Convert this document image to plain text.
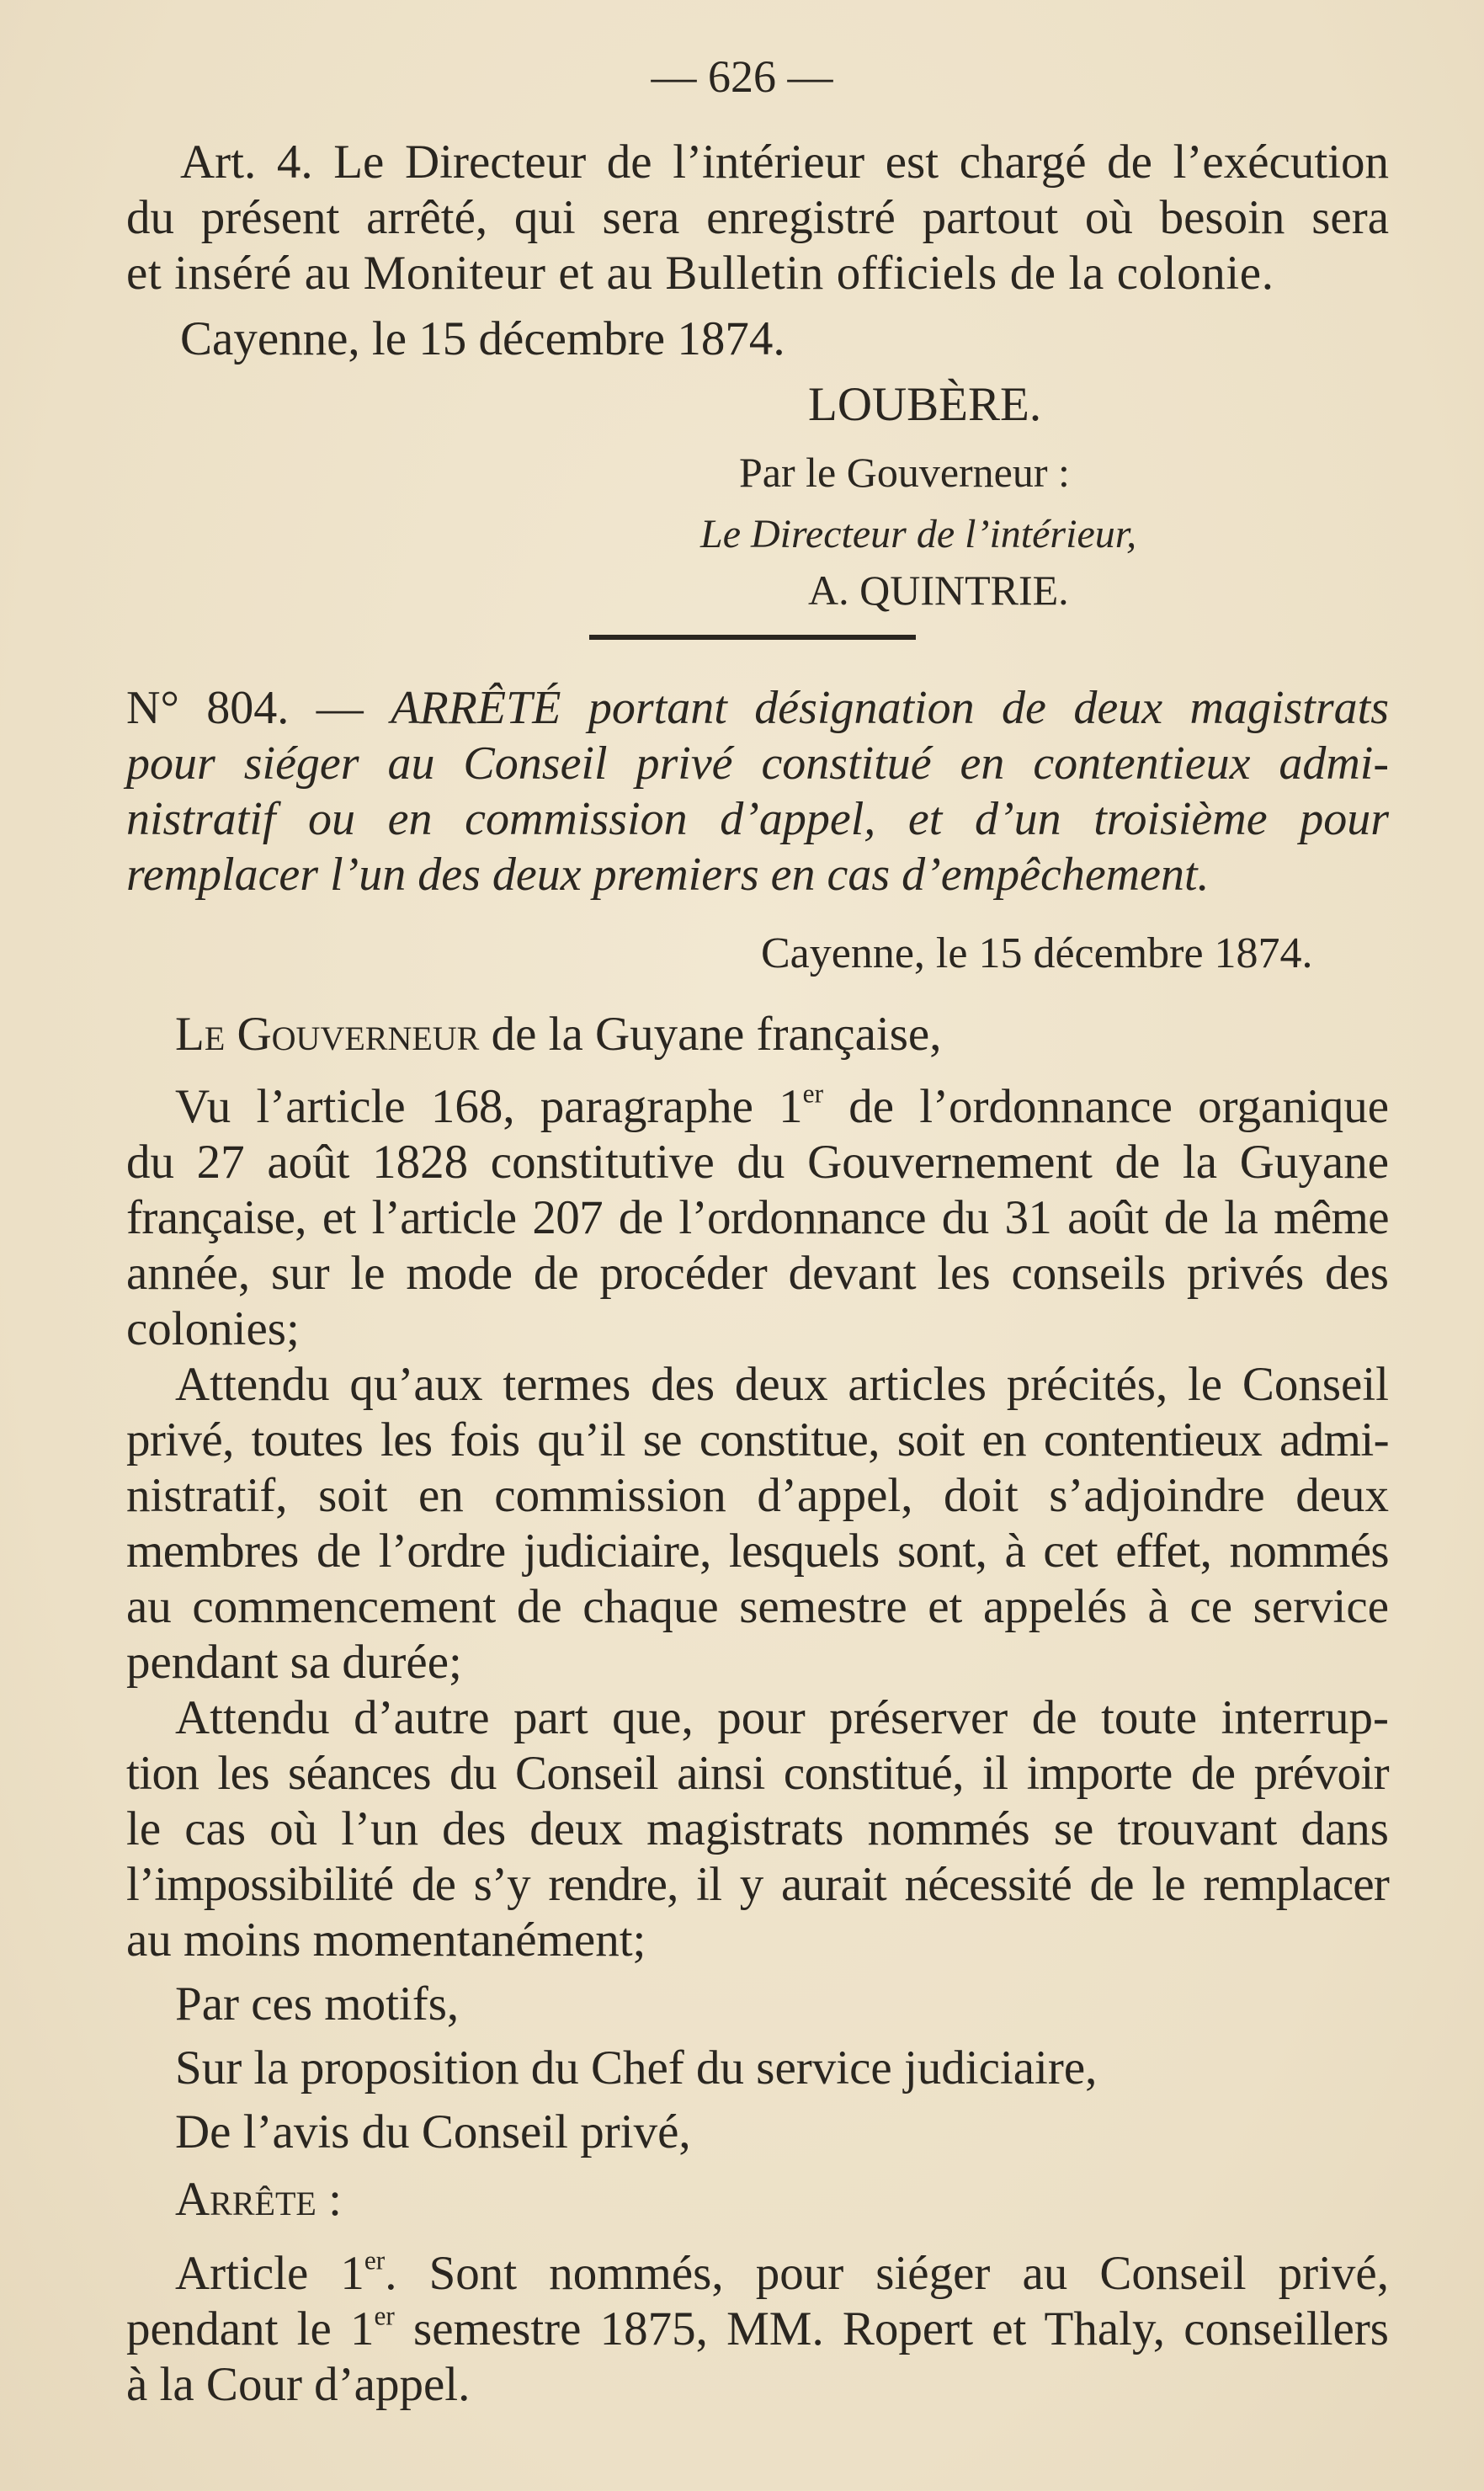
— 626 —
Art. 4. Le Directeur de l’intérieur est chargé de l’exécution
du présent arrêté, qui sera enregistré partout où besoin sera
et inséré au Moniteur et au Bulletin officiels de la colonie.
Cayenne, le 15 décembre 1874.
LOUBÈRE.
Par le Gouverneur :
Le Directeur de l’intérieur,
A. QUINTRIE.
N° 804. — ARRÊTÉ portant désignation de deux magistrats
pour siéger au Conseil privé constitué en contentieux admi-
nistratif ou en commission d’appel, et d’un troisième pour
remplacer l’un des deux premiers en cas d’empêchement.
Cayenne, le 15 décembre 1874.
Le Gouverneur de la Guyane française,
Vu l’article 168, paragraphe 1er de l’ordonnance organique
du 27 août 1828 constitutive du Gouvernement de la Guyane
française, et l’article 207 de l’ordonnance du 31 août de la même
année, sur le mode de procéder devant les conseils privés des
colonies;
Attendu qu’aux termes des deux articles précités, le Conseil
privé, toutes les fois qu’il se constitue, soit en contentieux admi-
nistratif, soit en commission d’appel, doit s’adjoindre deux
membres de l’ordre judiciaire, lesquels sont, à cet effet, nommés
au commencement de chaque semestre et appelés à ce service
pendant sa durée;
Attendu d’autre part que, pour préserver de toute interrup-
tion les séances du Conseil ainsi constitué, il importe de prévoir
le cas où l’un des deux magistrats nommés se trouvant dans
l’impossibilité de s’y rendre, il y aurait nécessité de le remplacer
au moins momentanément;
Par ces motifs,
Sur la proposition du Chef du service judiciaire,
De l’avis du Conseil privé,
Arrête :
Article 1er. Sont nommés, pour siéger au Conseil privé,
pendant le 1er semestre 1875, MM. Ropert et Thaly, conseillers
à la Cour d’appel.
